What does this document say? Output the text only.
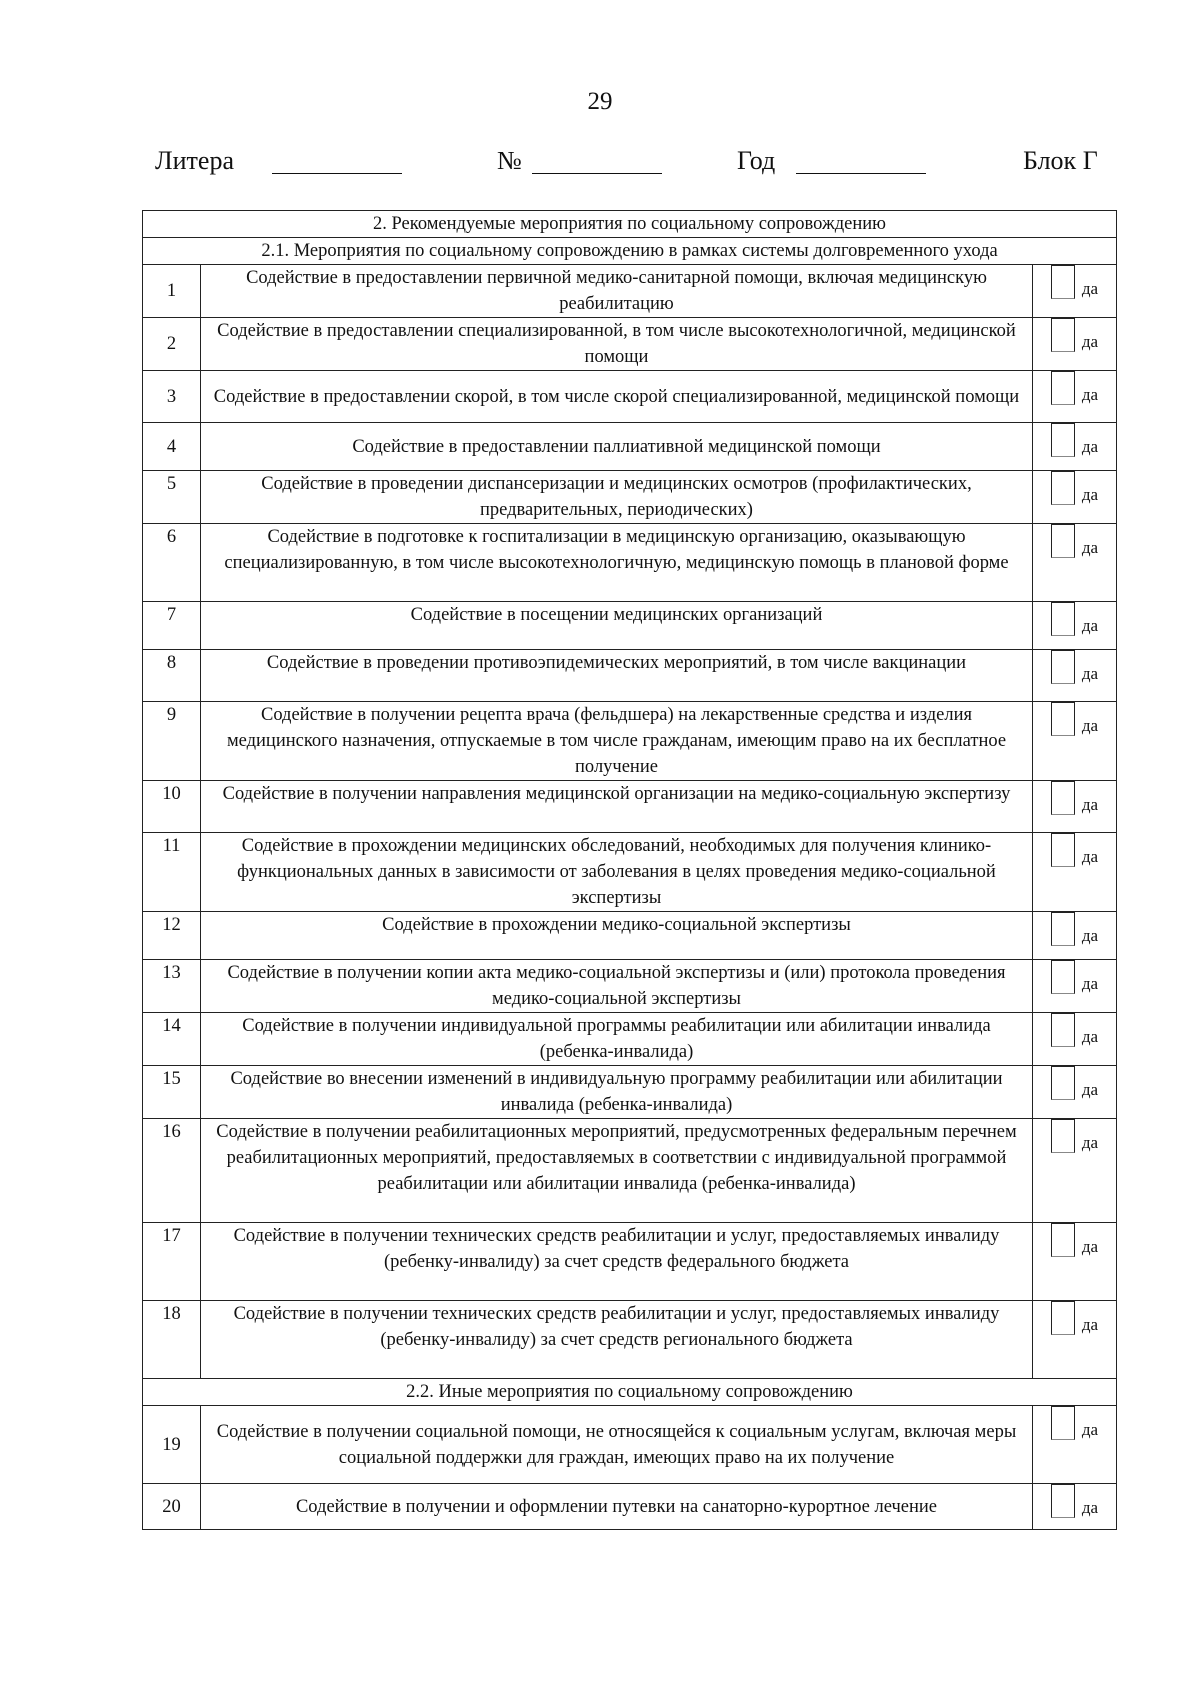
29
Литера	№	Год	Блок Г
2. Рекомендуемые мероприятия по социальному сопровождению		
2.1. Мероприятия по социальному сопровождению в рамках системы долговременного ухода		
1	Содействие в предоставлении первичной медико-санитарной помощи, включая медицинскую реабилитацию	да

2	Содействие в предоставлении специализированной, в том числе высокотехнологичной, медицинской помощи	да

3	Содействие в предоставлении скорой, в том числе скорой специализированной, медицинской помощи	да

4	Содействие в предоставлении паллиативной медицинской помощи	да

5	Содействие в проведении диспансеризации и медицинских осмотров (профилактических, предварительных, периодических)	да

6	Содействие в подготовке к госпитализации в медицинскую организацию, оказывающую специализированную, в том числе высокотехнологичную, медицинскую помощь в плановой форме	да

7	Содействие в посещении медицинских организаций	да

8	Содействие в проведении противоэпидемических мероприятий, в том числе вакцинации	да

9	Содействие в получении рецепта врача (фельдшера) на лекарственные средства и изделия медицинского назначения, отпускаемые в том числе гражданам, имеющим право на их бесплатное получение	да

10	Содействие в получении направления медицинской организации на медико-социальную экспертизу	да

11	Содействие в прохождении медицинских обследований, необходимых для получения клинико-функциональных данных в зависимости от заболевания в целях проведения медико-социальной экспертизы	да

12	Содействие в прохождении медико-социальной экспертизы	да

13	Содействие в получении копии акта медико-социальной экспертизы и (или) протокола проведения медико-социальной экспертизы	да

14	Содействие в получении индивидуальной программы реабилитации или абилитации инвалида (ребенка-инвалида)	да

15	Содействие во внесении изменений в индивидуальную программу реабилитации или абилитации инвалида (ребенка-инвалида)	да

16	Содействие в получении реабилитационных мероприятий, предусмотренных федеральным перечнем реабилитационных мероприятий, предоставляемых в соответствии с индивидуальной программой реабилитации или абилитации инвалида (ребенка-инвалида)	да

17	Содействие в получении технических средств реабилитации и услуг, предоставляемых инвалиду (ребенку-инвалиду) за счет средств федерального бюджета	да

18	Содействие в получении технических средств реабилитации и услуг, предоставляемых инвалиду (ребенку-инвалиду) за счет средств регионального бюджета	да

2.2. Иные мероприятия по социальному сопровождению		
19	Содействие в получении социальной помощи, не относящейся к социальным услугам, включая меры социальной поддержки для граждан, имеющих право на их получение	да

20	Содействие в получении и оформлении путевки на санаторно-курортное лечение	да
